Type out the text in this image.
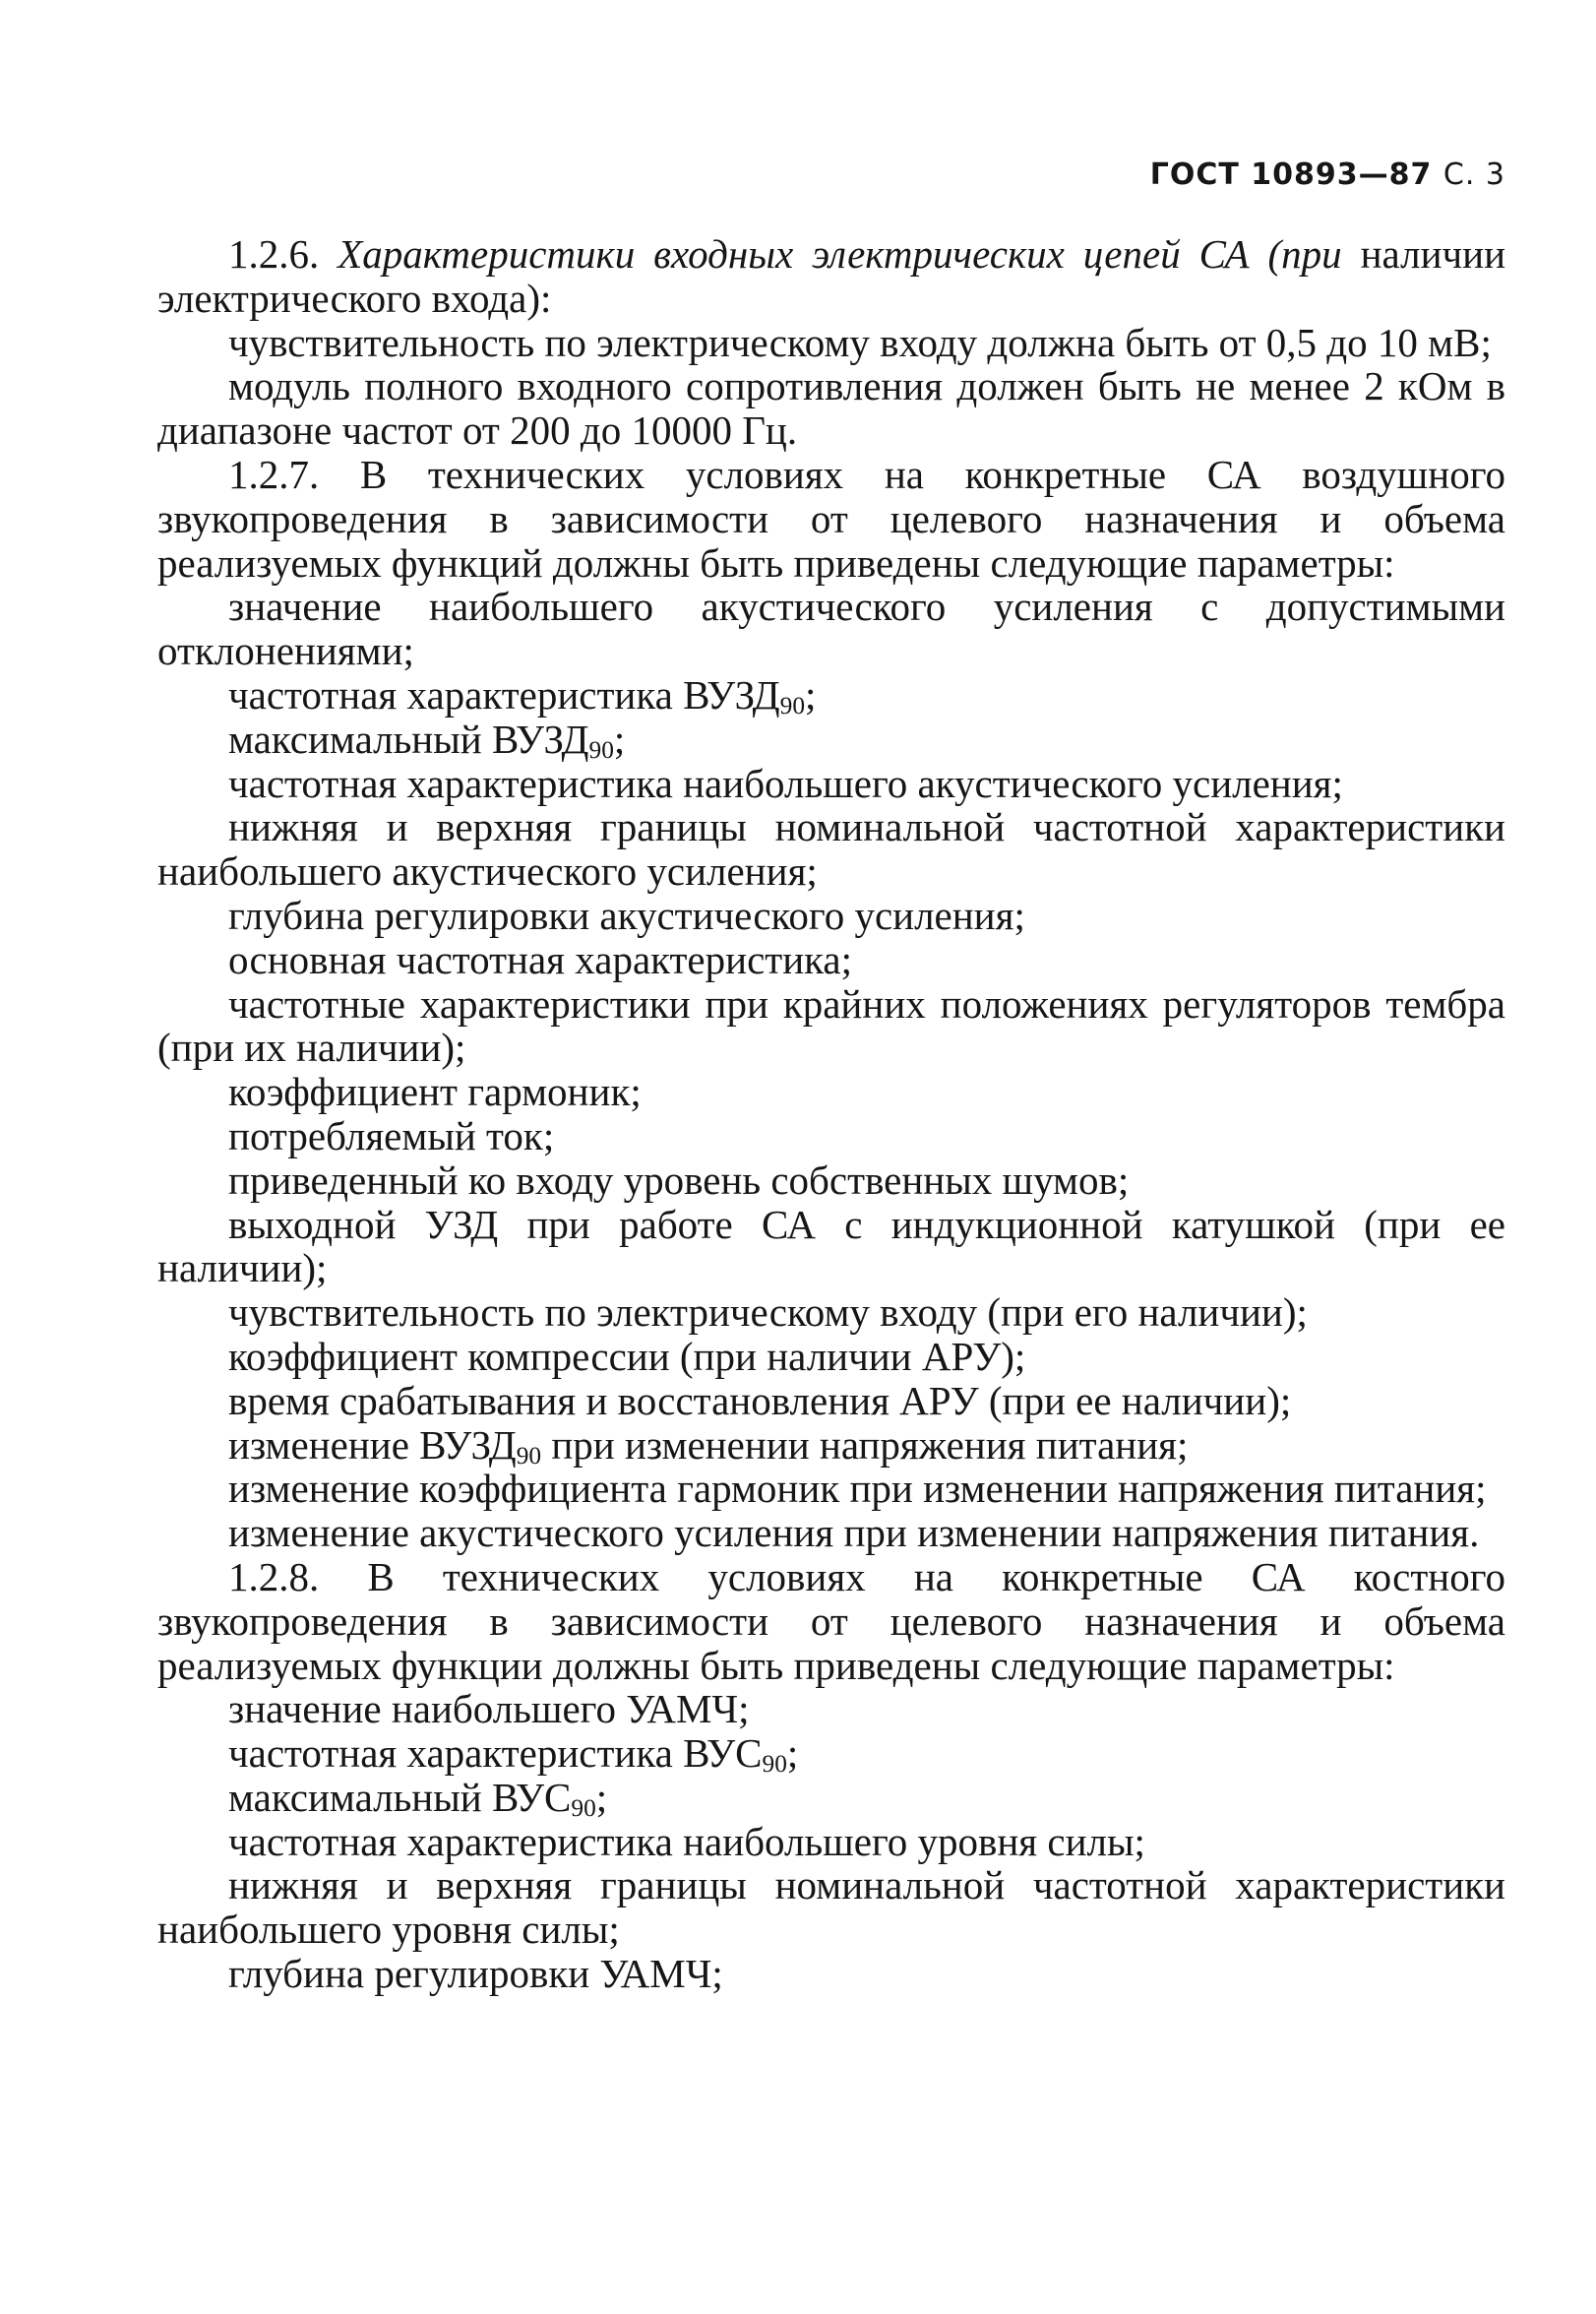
ГОСТ 10893—87 С. 3

1.2.6. Характеристики входных электрических цепей СА (при наличии электрического входа):

чувствительность по электрическому входу должна быть от 0,5 до 10 мВ;

модуль полного входного сопротивления должен быть не менее 2 кОм в диапазоне частот от 200 до 10000 Гц.

1.2.7. В технических условиях на конкретные СА воздушного звукопроведения в зависимости от целевого назначения и объема реализуемых функций должны быть приведены следующие параметры:

значение наибольшего акустического усиления с допустимыми отклонениями;

частотная характеристика $ВУЗД_{90}$;

максимальный $ВУЗД_{90}$;

частотная характеристика наибольшего акустического усиления;

нижняя и верхняя границы номинальной частотной характеристики наибольшего акустического усиления;

глубина регулировки акустического усиления;

основная частотная характеристика;

частотные характеристики при крайних положениях регуляторов тембра (при их наличии);

коэффициент гармоник;

потребляемый ток;

приведенный ко входу уровень собственных шумов;

выходной УЗД при работе СА с индукционной катушкой (при ее наличии);

чувствительность по электрическому входу (при его наличии);

коэффициент компрессии (при наличии АРУ);

время срабатывания и восстановления АРУ (при ее наличии);

изменение $ВУЗД_{90}$ при изменении напряжения питания;

изменение коэффициента гармоник при изменении напряжения питания;

изменение акустического усиления при изменении напряжения питания.

1.2.8. В технических условиях на конкретные СА костного звукопроведения в зависимости от целевого назначения и объема реализуемых функции должны быть приведены следующие параметры:

значение наибольшего УАМЧ;

частотная характеристика $ВУС_{90}$;

максимальный $ВУС_{90}$;

частотная характеристика наибольшего уровня силы;

нижняя и верхняя границы номинальной частотной характеристики наибольшего уровня силы;

глубина регулировки УАМЧ;
